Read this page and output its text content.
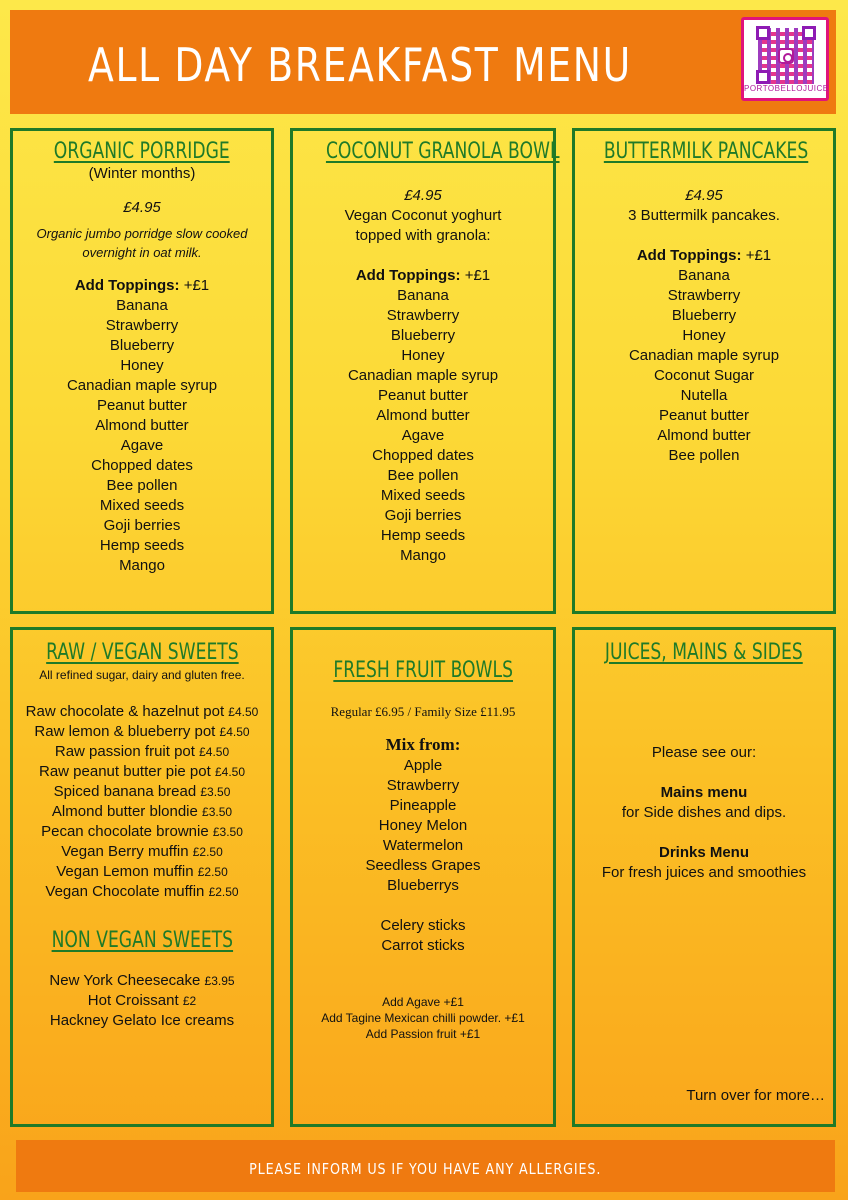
ALL DAY BREAKFAST MENU	PORTOBELLOJUICE
ORGANIC PORRIDGE
(Winter months)
£4.95
Organic jumbo porridge slow cooked overnight in oat milk.
Add Toppings: +£1
Banana
Strawberry
Blueberry
Honey
Canadian maple syrup
Peanut butter
Almond butter
Agave
Chopped dates
Bee pollen
Mixed seeds
Goji berries
Hemp seeds
Mango
COCONUT GRANOLA BOWL
£4.95
Vegan Coconut yoghurt topped with granola:
Add Toppings: +£1
Banana
Strawberry
Blueberry
Honey
Canadian maple syrup
Peanut butter
Almond butter
Agave
Chopped dates
Bee pollen
Mixed seeds
Goji berries
Hemp seeds
Mango
BUTTERMILK PANCAKES
£4.95
3 Buttermilk pancakes.
Add Toppings: +£1
Banana
Strawberry
Blueberry
Honey
Canadian maple syrup
Coconut Sugar
Nutella
Peanut butter
Almond butter
Bee pollen
RAW / VEGAN SWEETS
All refined sugar, dairy and gluten free.
Raw chocolate & hazelnut pot £4.50
Raw lemon & blueberry pot £4.50
Raw passion fruit pot £4.50
Raw peanut butter pie pot £4.50
Spiced banana bread £3.50
Almond butter blondie £3.50
Pecan chocolate brownie £3.50
Vegan Berry muffin £2.50
Vegan Lemon muffin £2.50
Vegan Chocolate muffin £2.50
NON VEGAN SWEETS
New York Cheesecake £3.95
Hot Croissant £2
Hackney Gelato Ice creams
FRESH FRUIT BOWLS
Regular £6.95 / Family Size £11.95
Mix from:
Apple
Strawberry
Pineapple
Honey Melon
Watermelon
Seedless Grapes
Blueberrys
Celery sticks
Carrot sticks
Add Agave +£1
Add Tagine Mexican chilli powder. +£1
Add Passion fruit +£1
JUICES, MAINS & SIDES
Please see our:
Mains menu
for Side dishes and dips.
Drinks Menu
For fresh juices and smoothies
Turn over for more…
PLEASE INFORM US IF YOU HAVE ANY ALLERGIES.
